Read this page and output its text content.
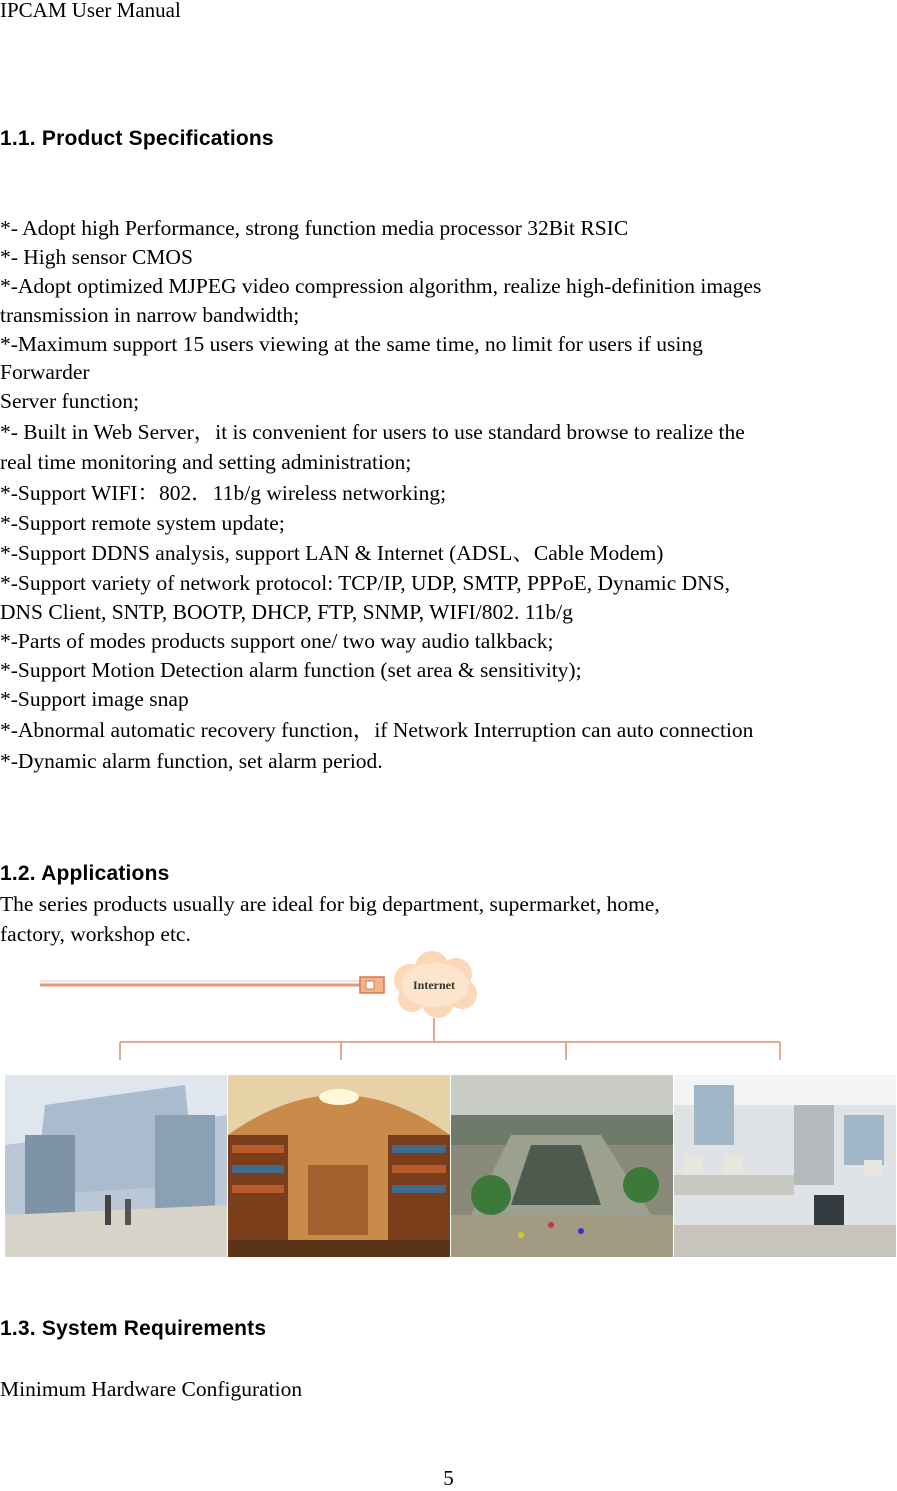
IPCAM User Manual
1.1. Product Specifications

*- Adopt high Performance, strong function media processor 32Bit RSIC

*- High sensor CMOS

*-Adopt optimized MJPEG video compression algorithm, realize high-definition images

transmission in narrow bandwidth;

*-Maximum support 15 users viewing at the same time, no limit for users if using

Forwarder

Server function;

*- Built in Web Server，it is convenient for users to use standard browse to realize the

real time monitoring and setting administration;

*-Support WIFI：802．11b/g wireless networking;

*-Support remote system update;

*-Support DDNS analysis, support LAN & Internet (ADSL、Cable Modem)

*-Support variety of network protocol: TCP/IP, UDP, SMTP, PPPoE, Dynamic DNS,

DNS Client, SNTP, BOOTP, DHCP, FTP, SNMP, WIFI/802. 11b/g

*-Parts of modes products support one/ two way audio talkback;

*-Support Motion Detection alarm function (set area & sensitivity);

*-Support image snap

*-Abnormal automatic recovery function，if Network Interruption can auto connection

*-Dynamic alarm function, set alarm period.

1.2. Applications

The series products usually are ideal for big department, supermarket, home,

factory, workshop etc.

Internet
1.3. System Requirements

Minimum Hardware Configuration

5
